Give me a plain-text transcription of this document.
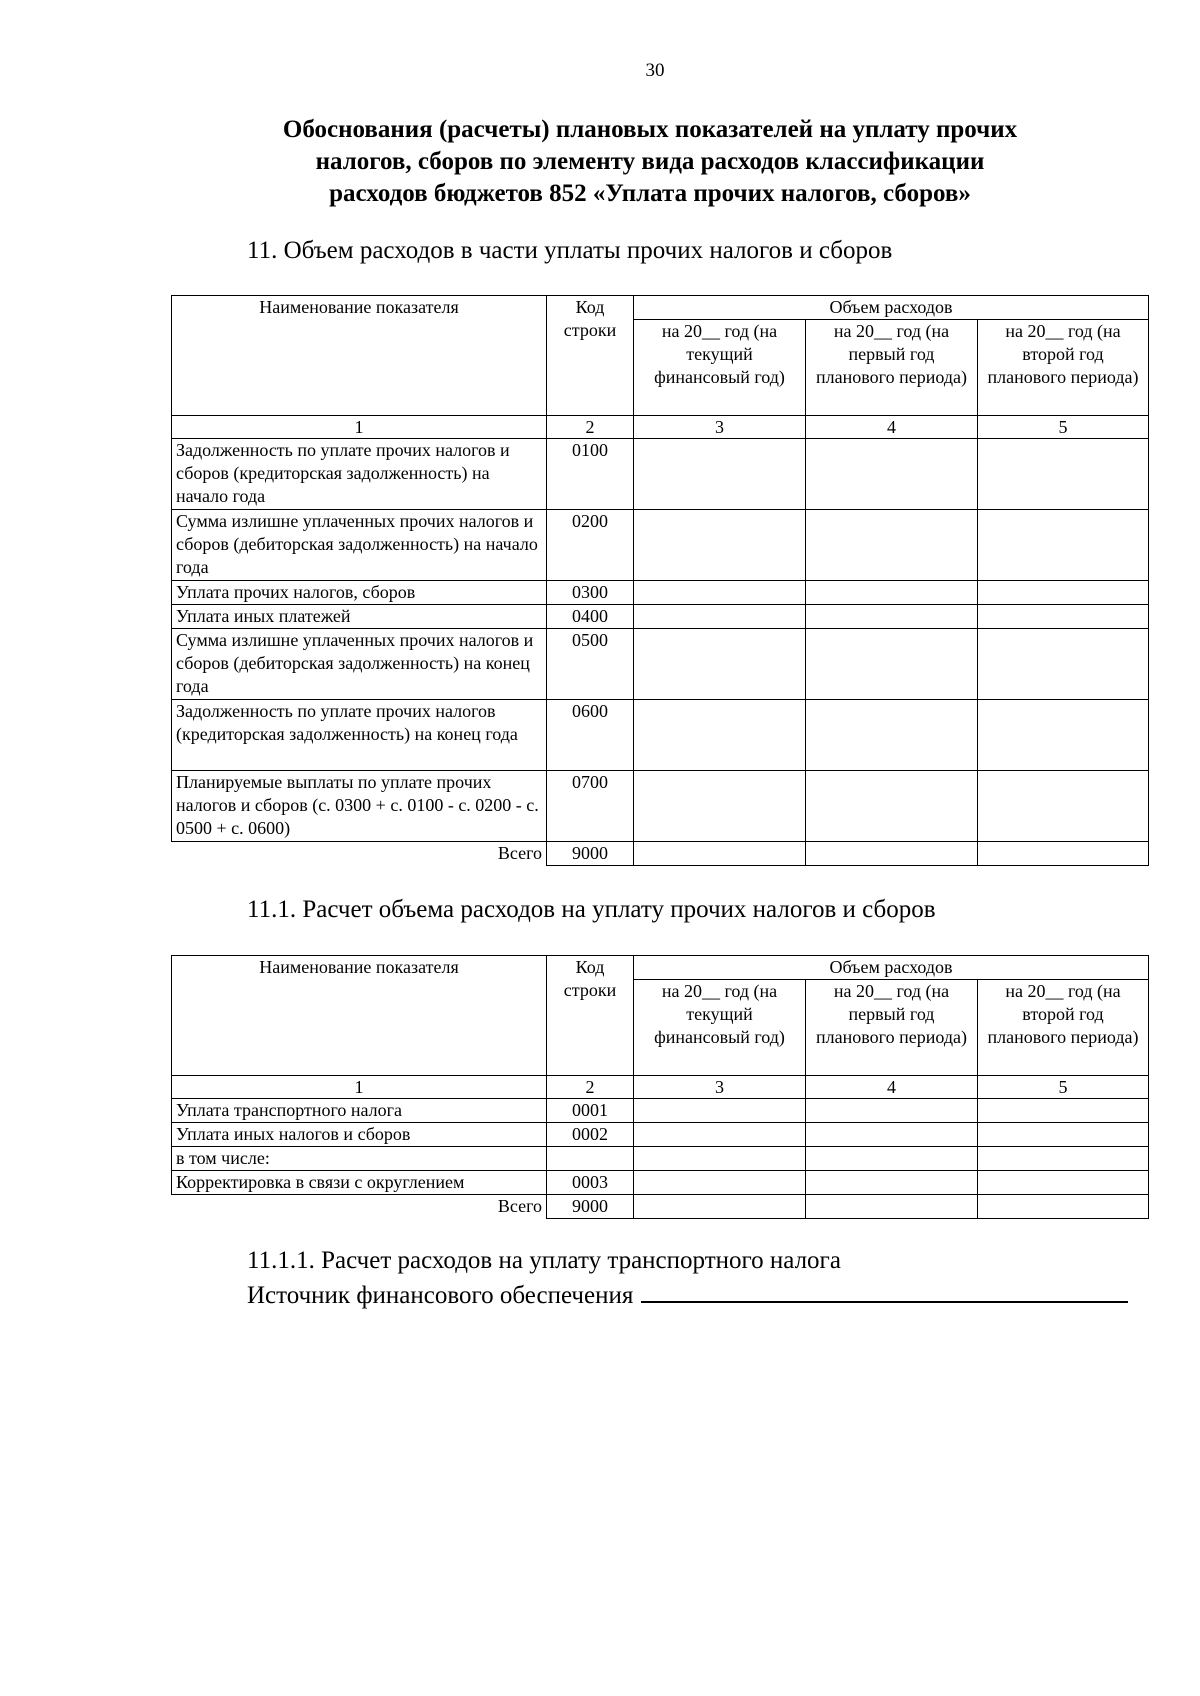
30
Обоснования (расчеты) плановых показателей на уплату прочих
налогов, сборов по элементу вида расходов классификации
расходов бюджетов 852 «Уплата прочих налогов, сборов»
11. Объем расходов в части уплаты прочих налогов и сборов
Наименование показателя	Код строки	Объем расходов		
		на 20__ год (на текущий финансовый год)	на 20__ год (на первый год планового периода)	на 20__ год (на второй год планового периода)
1	2	3	4	5
Задолженность по уплате прочих налогов и сборов (кредиторская задолженность) на начало года	0100			
Сумма излишне уплаченных прочих налогов и сборов (дебиторская задолженность) на начало года	0200			
Уплата прочих налогов, сборов	0300			
Уплата иных платежей	0400			
Сумма излишне уплаченных прочих налогов и сборов (дебиторская задолженность) на конец года	0500			
Задолженность по уплате прочих налогов (кредиторская задолженность) на конец года	0600			
Планируемые выплаты по уплате прочих налогов и сборов (с. 0300 + с. 0100 - с. 0200 - с. 0500 + с. 0600)	0700			
Всего	9000			
11.1. Расчет объема расходов на уплату прочих налогов и сборов
Наименование показателя	Код строки	Объем расходов		
		на 20__ год (на текущий финансовый год)	на 20__ год (на первый год планового периода)	на 20__ год (на второй год планового периода)
1	2	3	4	5
Уплата транспортного налога	0001			
Уплата иных налогов и сборов	0002			
в том числе:				
Корректировка в связи с округлением	0003			
Всего	9000			
11.1.1. Расчет расходов на уплату транспортного налога
Источник финансового обеспечения
